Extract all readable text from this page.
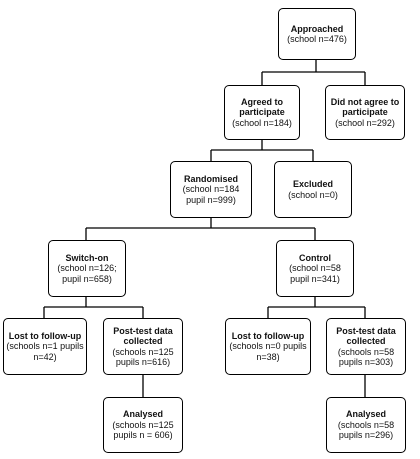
Approached
(school n=476)
Agreed to participate
(school n=184)
Did not agree to participate
(school n=292)
Randomised
(school n=184 pupil n=999)
Excluded
(school n=0)
Switch-on
(school n=126; pupil n=658)
Control
(school n=58 pupil n=341)
Lost to follow-up
(schools n=1 pupils n=42)
Post-test data collected
(schools n=125 pupils n=616)
Lost to follow-up
(schools n=0 pupils n=38)
Post-test data collected
(schools n=58 pupils n=303)
Analysed
(schools n=125 pupils n = 606)
Analysed
(schools n=58 pupils n=296)
